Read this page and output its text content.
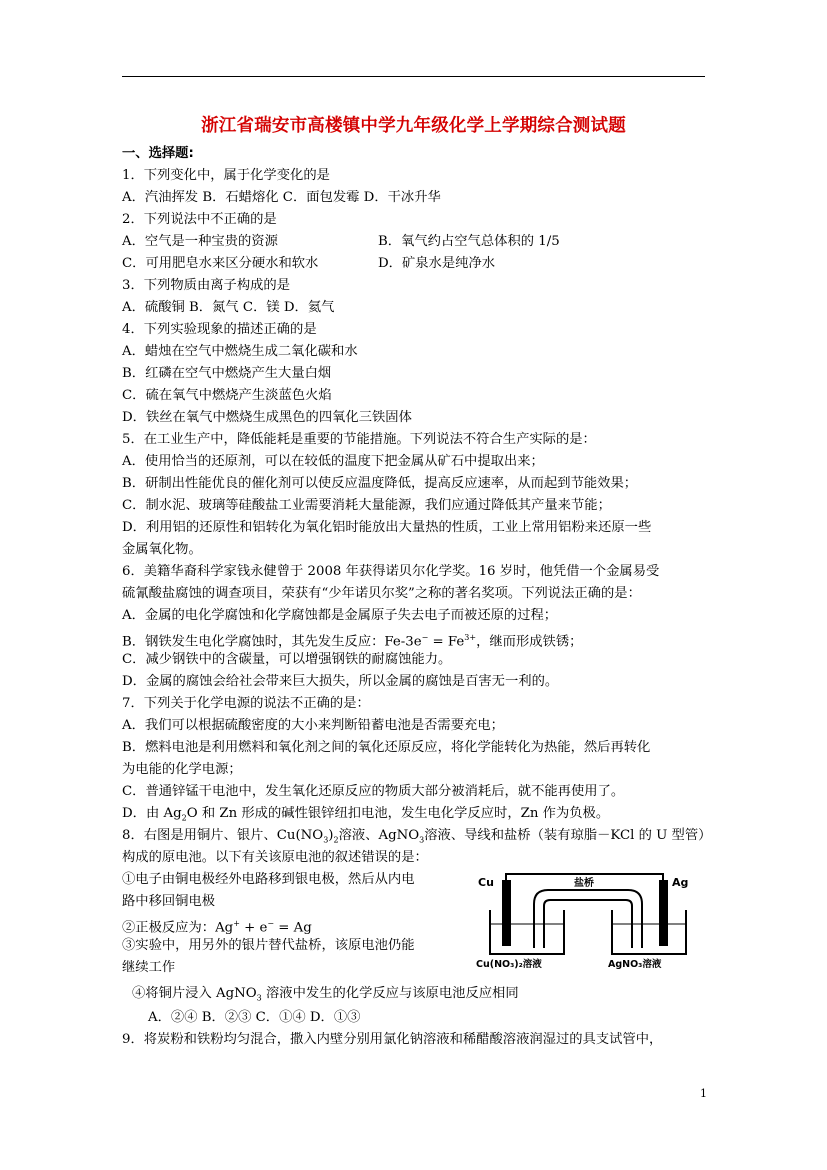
浙江省瑞安市高楼镇中学九年级化学上学期综合测试题
一、选择题:
1．下列变化中，属于化学变化的是
A．汽油挥发 B．石蜡熔化 C．面包发霉 D．干冰升华
2．下列说法中不正确的是
A．空气是一种宝贵的资源	B．氧气约占空气总体积的 1/5
C．可用肥皂水来区分硬水和软水	D．矿泉水是纯净水
3．下列物质由离子构成的是
A．硫酸铜 B．氮气 C．镁 D．氦气
4．下列实验现象的描述正确的是
A．蜡烛在空气中燃烧生成二氧化碳和水
B．红磷在空气中燃烧产生大量白烟
C．硫在氧气中燃烧产生淡蓝色火焰
D．铁丝在氧气中燃烧生成黑色的四氧化三铁固体
5．在工业生产中，降低能耗是重要的节能措施。下列说法不符合生产实际的是：
A．使用恰当的还原剂，可以在较低的温度下把金属从矿石中提取出来；
B．研制出性能优良的催化剂可以使反应温度降低，提高反应速率，从而起到节能效果；
C．制水泥、玻璃等硅酸盐工业需要消耗大量能源，我们应通过降低其产量来节能；
D．利用铝的还原性和铝转化为氧化铝时能放出大量热的性质，工业上常用铝粉来还原一些
金属氧化物。
6．美籍华裔科学家钱永健曾于 2008 年获得诺贝尔化学奖。16 岁时，他凭借一个金属易受
硫氰酸盐腐蚀的调查项目，荣获有“少年诺贝尔奖”之称的著名奖项。下列说法正确的是：
A．金属的电化学腐蚀和化学腐蚀都是金属原子失去电子而被还原的过程；
B．钢铁发生电化学腐蚀时，其先发生反应：$Fe-3e^- = Fe^{3+}$，继而形成铁锈；
C．减少钢铁中的含碳量，可以增强钢铁的耐腐蚀能力。
D．金属的腐蚀会给社会带来巨大损失，所以金属的腐蚀是百害无一利的。
7．下列关于化学电源的说法不正确的是：
A．我们可以根据硫酸密度的大小来判断铅蓄电池是否需要充电；
B．燃料电池是利用燃料和氧化剂之间的氧化还原反应，将化学能转化为热能，然后再转化
为电能的化学电源；
C．普通锌锰干电池中，发生氧化还原反应的物质大部分被消耗后，就不能再使用了。
D．由 $Ag_2O$ 和 Zn 形成的碱性银锌纽扣电池，发生电化学反应时，Zn 作为负极。
8．右图是用铜片、银片、$Cu(NO_3)_2$溶液、AgNO$_3$溶液、导线和盐桥（装有琼脂－KCl 的 U 型管）
构成的原电池。以下有关该原电池的叙述错误的是：
①电子由铜电极经外电路移到银电极，然后从内电
路中移回铜电极
②正极反应为：Ag+ + e− = Ag
③实验中，用另外的银片替代盐桥，该原电池仍能
继续工作
④将铜片浸入 AgNO$_3$ 溶液中发生的化学反应与该原电池反应相同
A．②④ B．②③ C．①④ D．①③
盐桥
Cu	Ag
Cu(NO₃)₂溶液	AgNO₃溶液
9．将炭粉和铁粉均匀混合，撒入内壁分别用氯化钠溶液和稀醋酸溶液润湿过的具支试管中，
1
